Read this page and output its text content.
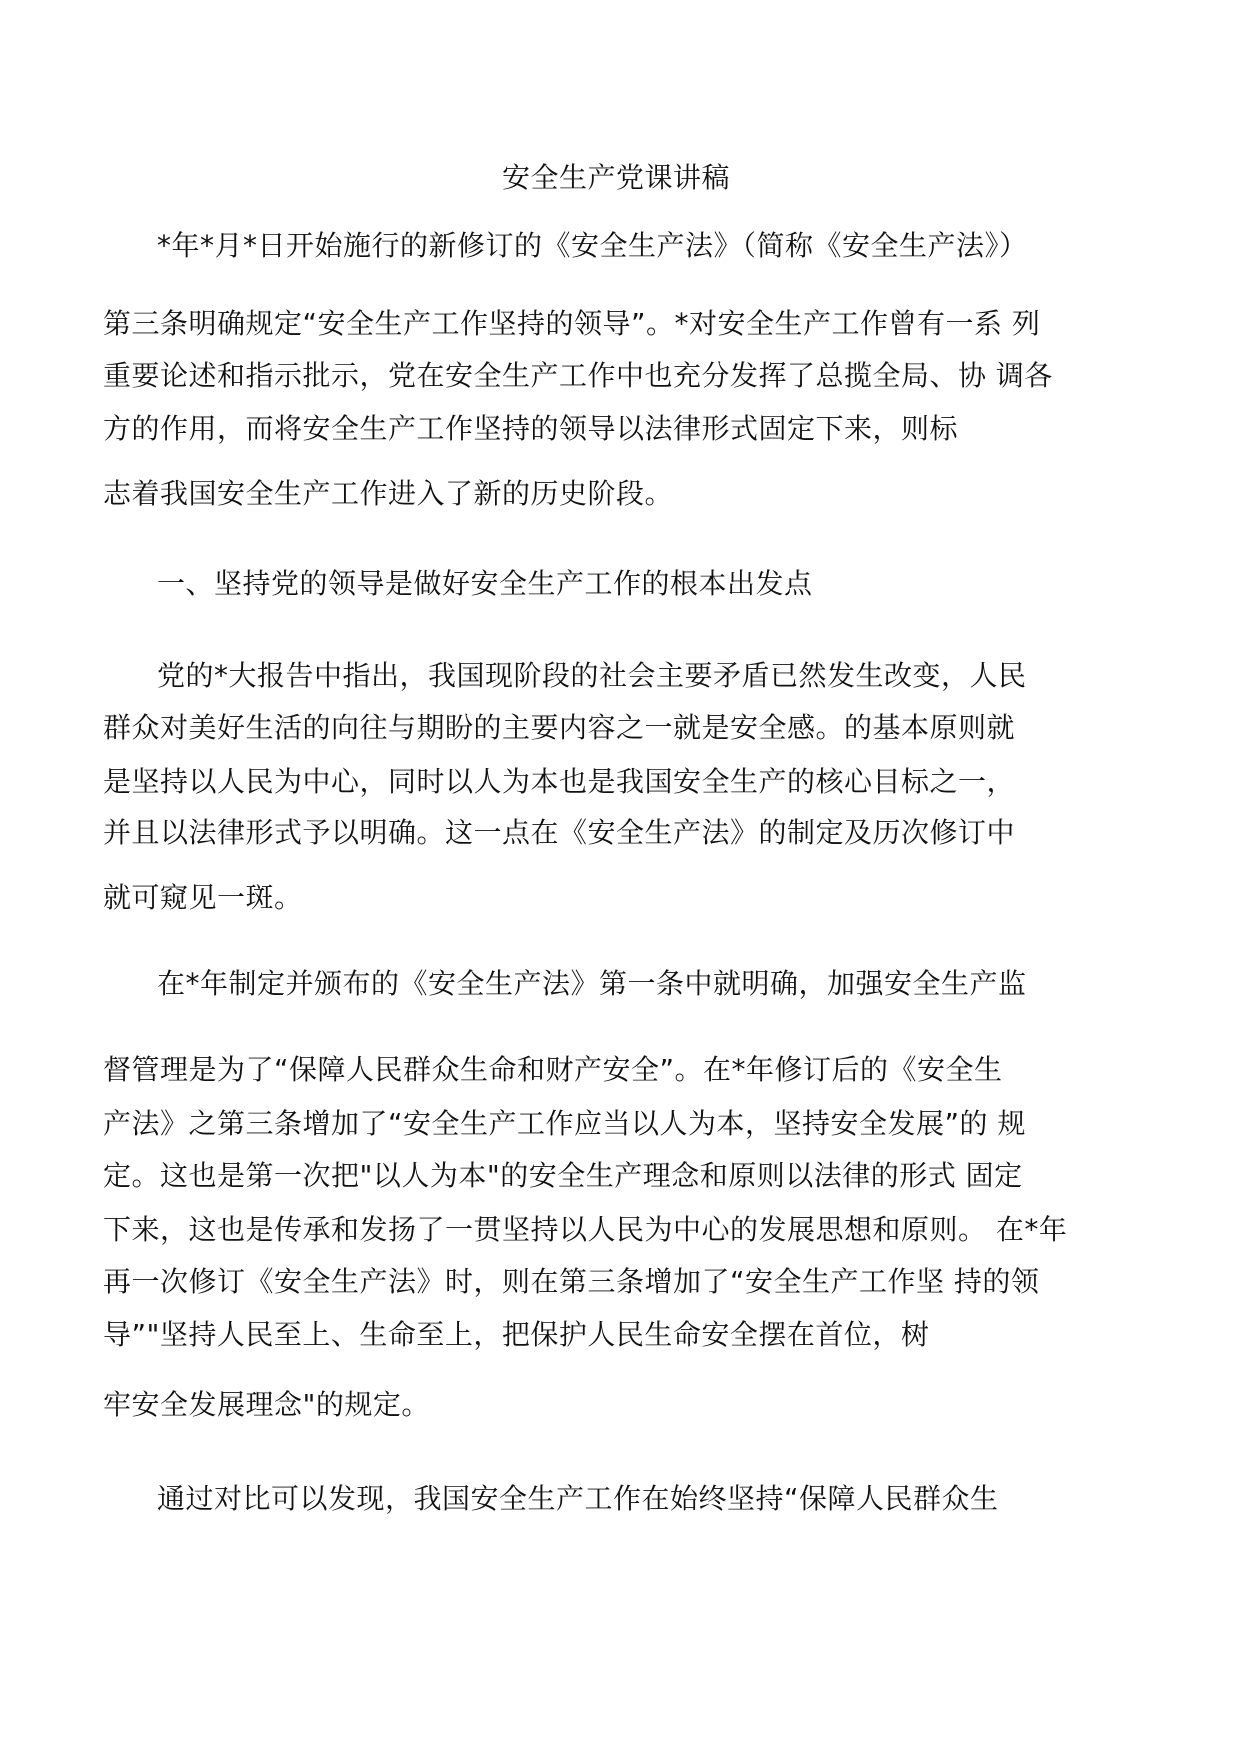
安全生产党课讲稿
*年*月*日开始施行的新修订的《安全生产法》（简称《安全生产法》）
第三条明确规定“安全生产工作坚持的领导”。*对安全生产工作曾有一系 列
重要论述和指示批示，党在安全生产工作中也充分发挥了总揽全局、协 调各
方的作用，而将安全生产工作坚持的领导以法律形式固定下来，则标
志着我国安全生产工作进入了新的历史阶段。
一、坚持党的领导是做好安全生产工作的根本出发点
党的*大报告中指出，我国现阶段的社会主要矛盾已然发生改变，人民
群众对美好生活的向往与期盼的主要内容之一就是安全感。的基本原则就
是坚持以人民为中心，同时以人为本也是我国安全生产的核心目标之一，
并且以法律形式予以明确。这一点在《安全生产法》的制定及历次修订中
就可窥见一斑。
在*年制定并颁布的《安全生产法》第一条中就明确，加强安全生产监
督管理是为了“保障人民群众生命和财产安全”。在*年修订后的《安全生
产法》之第三条增加了“安全生产工作应当以人为本，坚持安全发展”的 规
定。这也是第一次把"以人为本"的安全生产理念和原则以法律的形式 固定
下来，这也是传承和发扬了一贯坚持以人民为中心的发展思想和原则。 在*年
再一次修订《安全生产法》时，则在第三条增加了“安全生产工作坚 持的领
导”"坚持人民至上、生命至上，把保护人民生命安全摆在首位，树
牢安全发展理念"的规定。
通过对比可以发现，我国安全生产工作在始终坚持“保障人民群众生
